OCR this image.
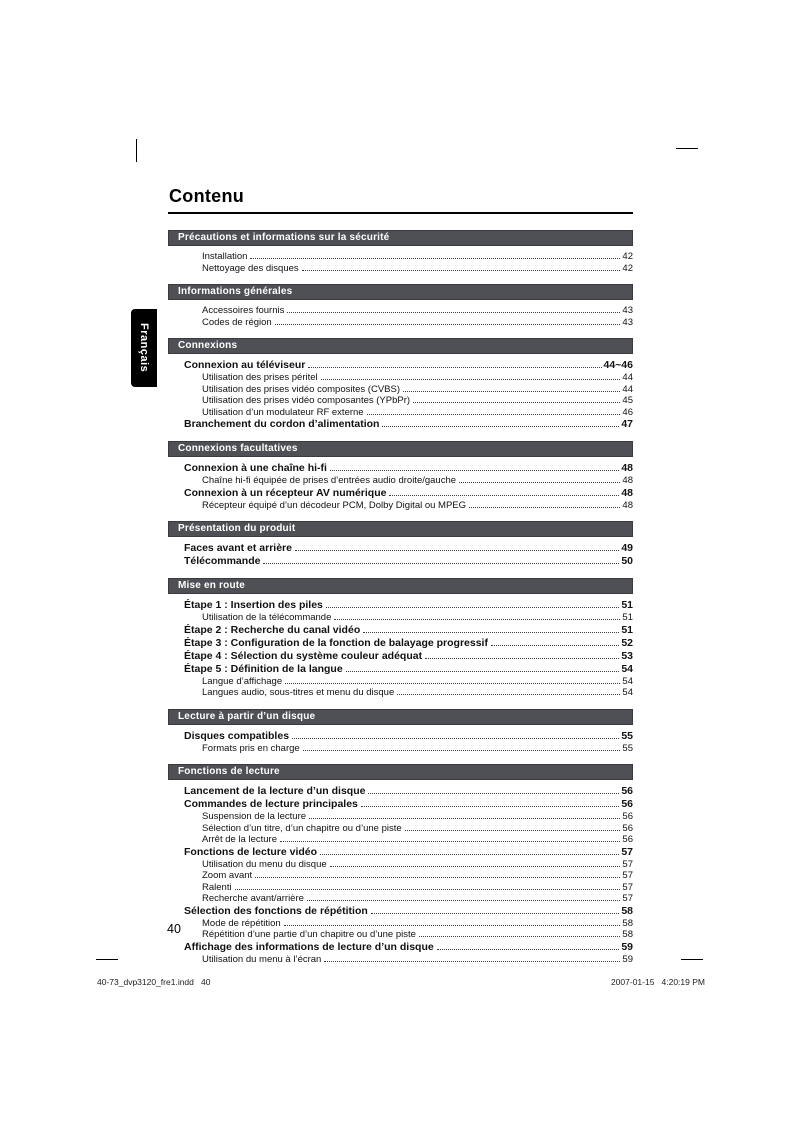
Français
Contenu
Précautions et informations sur la sécurité
Installation	42
Nettoyage des disques	42
Informations générales
Accessoires fournis	43
Codes de région	43
Connexions
Connexion au téléviseur	44~46
Utilisation des prises péritel	44
Utilisation des prises vidéo composites (CVBS)	44
Utilisation des prises vidéo composantes (YPbPr)	45
Utilisation d’un modulateur RF externe	46
Branchement du cordon d’alimentation	47
Connexions facultatives
Connexion à une chaîne hi-fi	48
Chaîne hi-fi équipée de prises d’entrées audio droite/gauche	48
Connexion à un récepteur AV numérique	48
Récepteur équipé d’un décodeur PCM, Dolby Digital ou MPEG	48
Présentation du produit
Faces avant et arrière	49
Télécommande	50
Mise en route
Étape 1 : Insertion des piles	51
Utilisation de la télécommande	51
Étape 2 : Recherche du canal vidéo	51
Étape 3 : Configuration de la fonction de balayage progressif	52
Étape 4 : Sélection du système couleur adéquat	53
Étape 5 : Définition de la langue	54
Langue d’affichage	54
Langues audio, sous-titres et menu du disque	54
Lecture à partir d’un disque
Disques compatibles	55
Formats pris en charge	55
Fonctions de lecture
Lancement de la lecture d’un disque	56
Commandes de lecture principales	56
Suspension de la lecture	56
Sélection d’un titre, d’un chapitre ou d’une piste	56
Arrêt de la lecture	56
Fonctions de lecture vidéo	57
Utilisation du menu du disque	57
Zoom avant	57
Ralenti	57
Recherche avant/arrière	57
Sélection des fonctions de répétition	58
Mode de répétition	58
Répétition d’une partie d’un chapitre ou d’une piste	58
Affichage des informations de lecture d’un disque	59
Utilisation du menu à l’écran	59
40
40-73_dvp3120_fre1.indd   40	2007-01-15   4:20:19 PM
